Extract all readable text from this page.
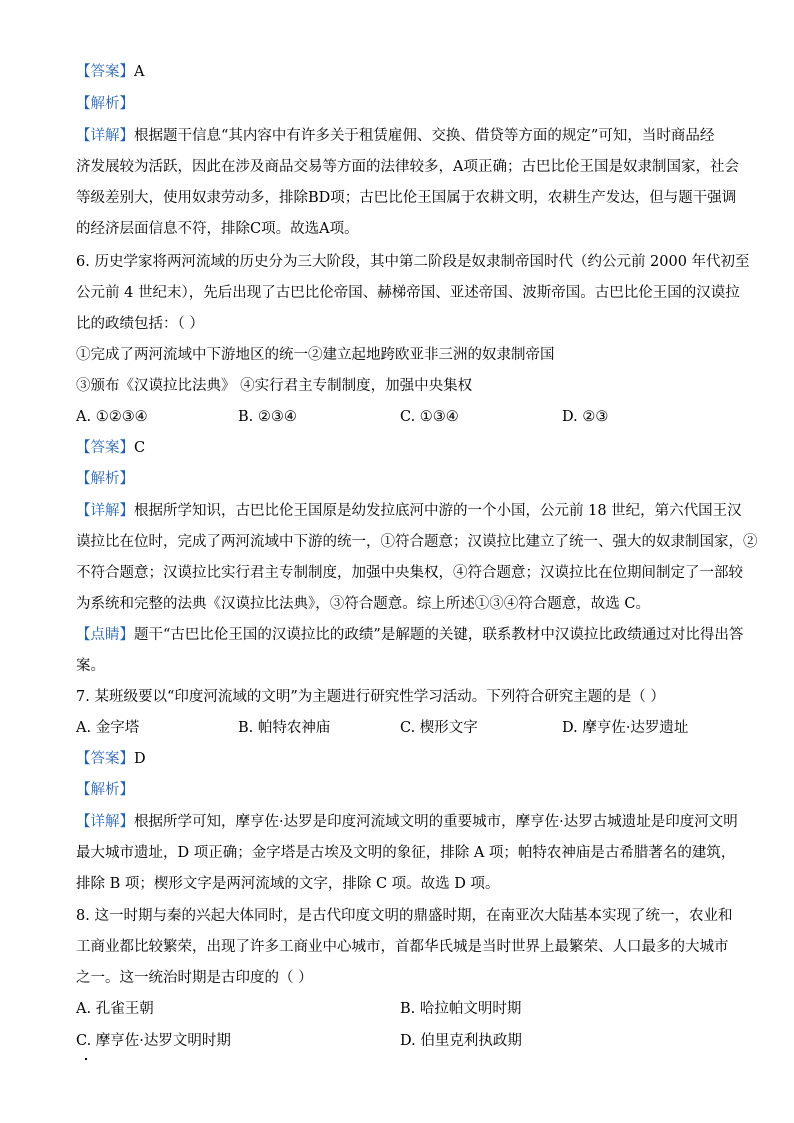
【答案】A
【解析】
【详解】根据题干信息“其内容中有许多关于租赁雇佣、交换、借贷等方面的规定”可知，当时商品经
济发展较为活跃，因此在涉及商品交易等方面的法律较多，A项正确；古巴比伦王国是奴隶制国家，社会
等级差别大，使用奴隶劳动多，排除BD项；古巴比伦王国属于农耕文明，农耕生产发达，但与题干强调
的经济层面信息不符，排除C项。故选A项。
6. 历史学家将两河流域的历史分为三大阶段，其中第二阶段是奴隶制帝国时代（约公元前 2000 年代初至
公元前 4 世纪末），先后出现了古巴比伦帝国、赫梯帝国、亚述帝国、波斯帝国。古巴比伦王国的汉谟拉
比的政绩包括：（ ）
①完成了两河流域中下游地区的统一②建立起地跨欧亚非三洲的奴隶制帝国
③颁布《汉谟拉比法典》 ④实行君主专制制度，加强中央集权
A. ①②③④	B. ②③④	C. ①③④	D. ②③
【答案】C
【解析】
【详解】根据所学知识，古巴比伦王国原是幼发拉底河中游的一个小国，公元前 18 世纪，第六代国王汉
谟拉比在位时，完成了两河流域中下游的统一，①符合题意；汉谟拉比建立了统一、强大的奴隶制国家，②
不符合题意；汉谟拉比实行君主专制制度，加强中央集权，④符合题意；汉谟拉比在位期间制定了一部较
为系统和完整的法典《汉谟拉比法典》，③符合题意。综上所述①③④符合题意，故选 C。
【点睛】题干“古巴比伦王国的汉谟拉比的政绩”是解题的关键，联系教材中汉谟拉比政绩通过对比得出答
案。
7. 某班级要以“印度河流域的文明”为主题进行研究性学习活动。下列符合研究主题的是（ ）
A. 金字塔	B. 帕特农神庙	C. 楔形文字	D. 摩亨佐·达罗遗址
【答案】D
【解析】
【详解】根据所学可知，摩亨佐·达罗是印度河流域文明的重要城市，摩亨佐·达罗古城遗址是印度河文明
最大城市遗址，D 项正确；金字塔是古埃及文明的象征，排除 A 项；帕特农神庙是古希腊著名的建筑，
排除 B 项；楔形文字是两河流域的文字，排除 C 项。故选 D 项。
8. 这一时期与秦的兴起大体同时，是古代印度文明的鼎盛时期，在南亚次大陆基本实现了统一，农业和
工商业都比较繁荣，出现了许多工商业中心城市，首都华氏城是当时世界上最繁荣、人口最多的大城市
之一。这一统治时期是古印度的（ ）
A. 孔雀王朝	B. 哈拉帕文明时期
C. 摩亨佐·达罗文明时期	D. 伯里克利执政期
